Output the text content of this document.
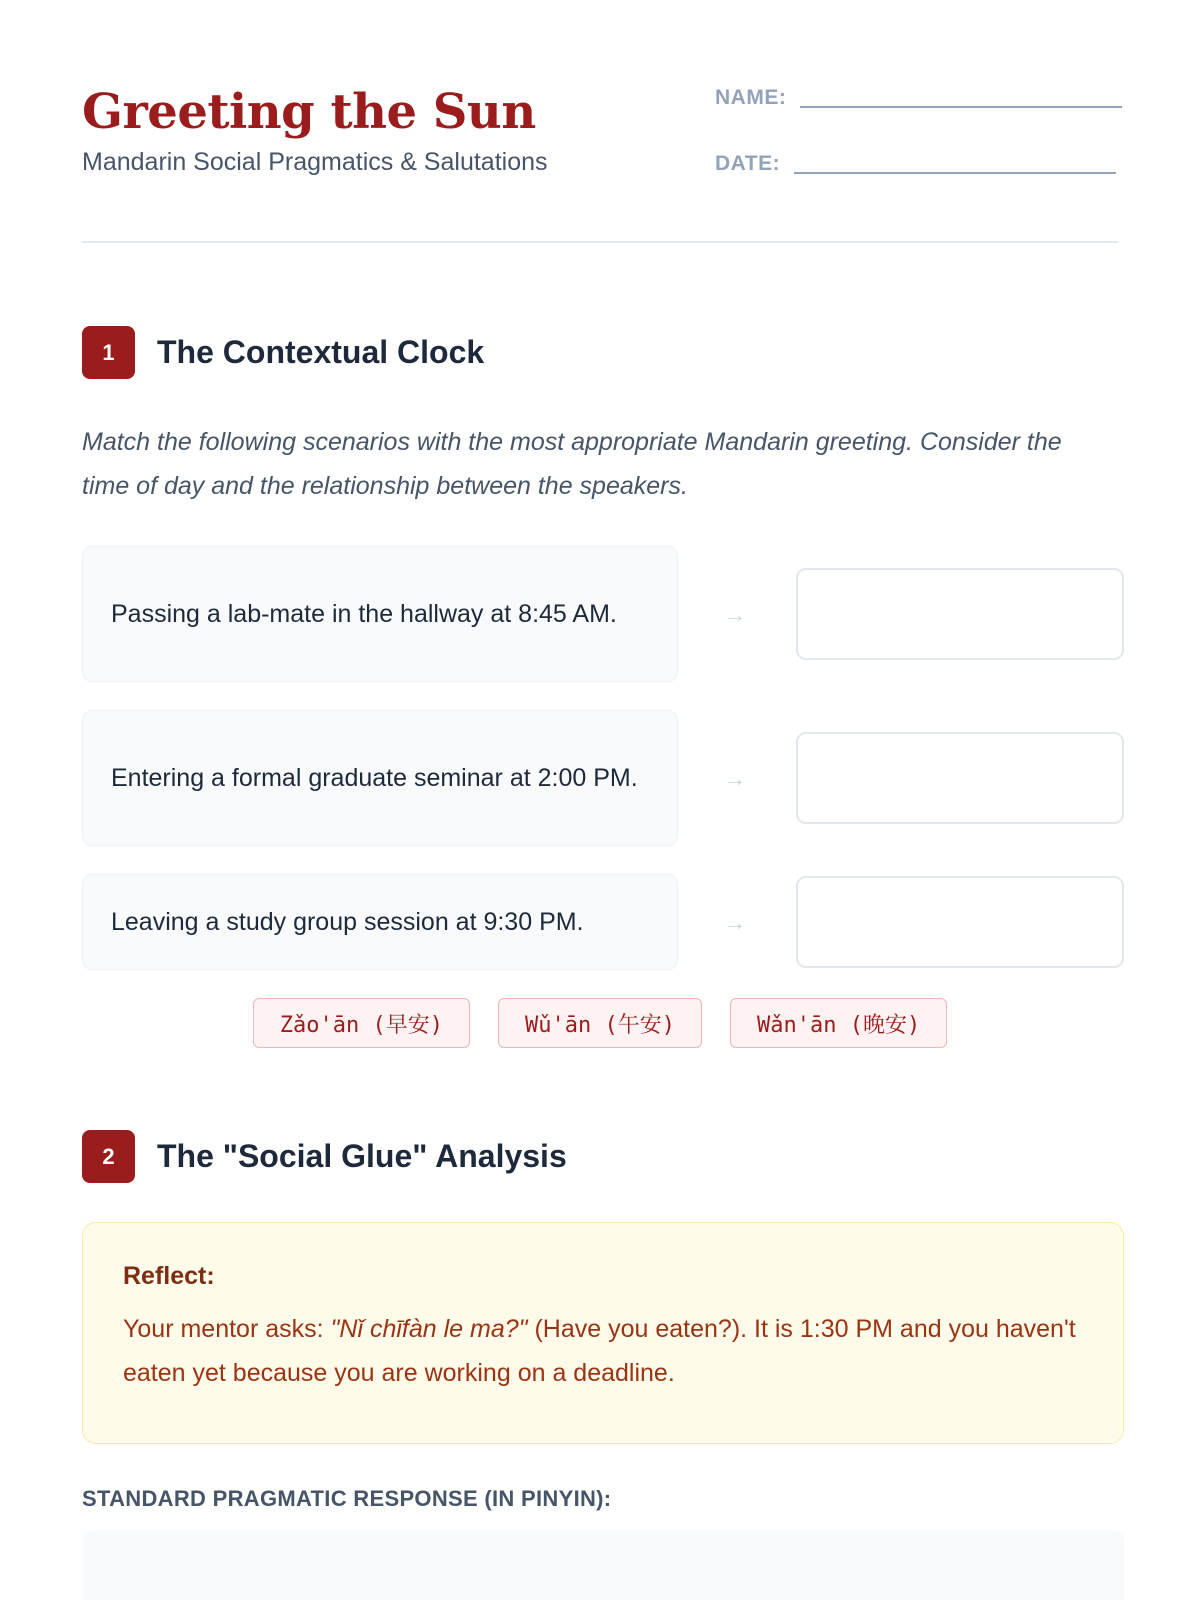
Greeting the Sun

Mandarin Social Pragmatics & Salutations

NAME:
DATE:
1	The Contextual Clock

Match the following scenarios with the most appropriate Mandarin greeting. Consider the time of day and the relationship between the speakers.

Passing a lab-mate in the hallway at 8:45 AM.	→
Entering a formal graduate seminar at 2:00 PM.	→
Leaving a study group session at 9:30 PM.	→
Zǎo'ān (早安)	Wǔ'ān (午安)	Wǎn'ān (晚安)
2	The "Social Glue" Analysis

Reflect:

Your mentor asks: "Nǐ chīfàn le ma?" (Have you eaten?). It is 1:30 PM and you haven't eaten yet because you are working on a deadline.

STANDARD PRAGMATIC RESPONSE (IN PINYIN):
